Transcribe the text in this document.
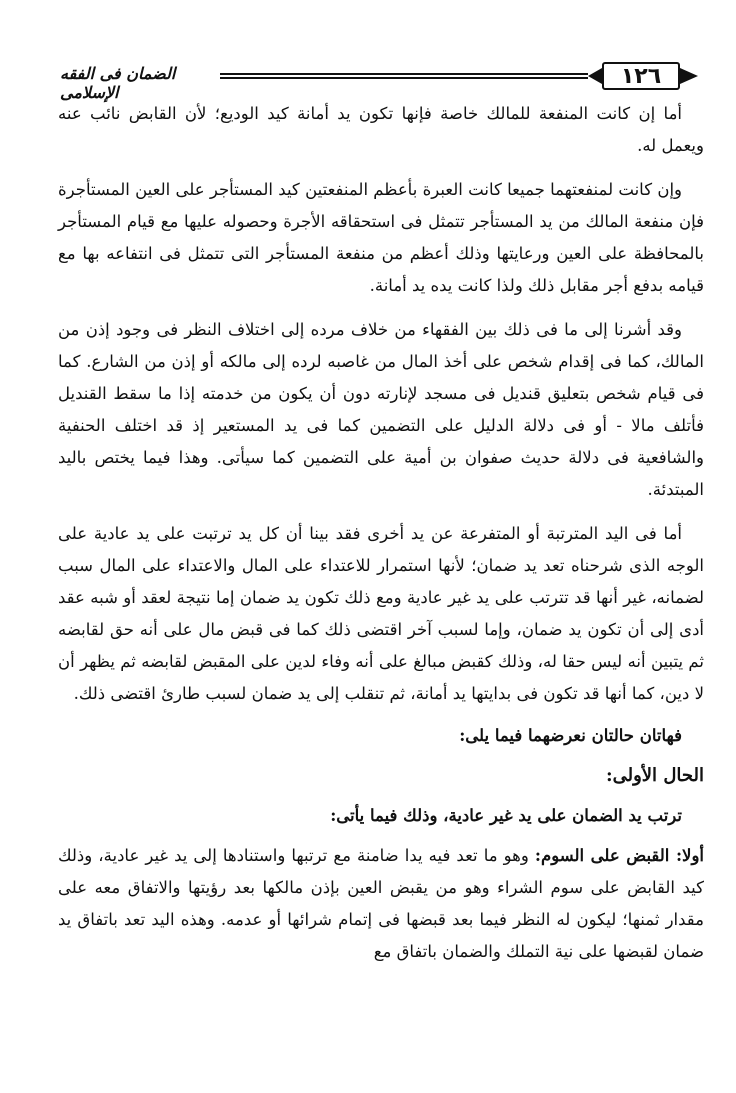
١٢٦
الضمان فى الفقه الإسلامى

أما إن كانت المنفعة للمالك خاصة فإنها تكون يد أمانة كيد الوديع؛ لأن القابض نائب عنه ويعمل له.

وإن كانت لمنفعتهما جميعا كانت العبرة بأعظم المنفعتين كيد المستأجر على العين المستأجرة فإن منفعة المالك من يد المستأجر تتمثل فى استحقاقه الأجرة وحصوله عليها مع قيام المستأجر بالمحافظة على العين ورعايتها وذلك أعظم من منفعة المستأجر التى تتمثل فى انتفاعه بها مع قيامه بدفع أجر مقابل ذلك ولذا كانت يده يد أمانة.

وقد أشرنا إلى ما فى ذلك بين الفقهاء من خلاف مرده إلى اختلاف النظر فى وجود إذن من المالك، كما فى إقدام شخص على أخذ المال من غاصبه لرده إلى مالكه أو إذن من الشارع. كما فى قيام شخص بتعليق قنديل فى مسجد لإنارته دون أن يكون من خدمته إذا ما سقط القنديل فأتلف مالا - أو فى دلالة الدليل على التضمين كما فى يد المستعير إذ قد اختلف الحنفية والشافعية فى دلالة حديث صفوان بن أمية على التضمين كما سيأتى. وهذا فيما يختص باليد المبتدئة.

أما فى اليد المترتبة أو المتفرعة عن يد أخرى فقد بينا أن كل يد ترتبت على يد عادية على الوجه الذى شرحناه تعد يد ضمان؛ لأنها استمرار للاعتداء على المال والاعتداء على المال سبب لضمانه، غير أنها قد تترتب على يد غير عادية ومع ذلك تكون يد ضمان إما نتيجة لعقد أو شبه عقد أدى إلى أن تكون يد ضمان، وإما لسبب آخر اقتضى ذلك كما فى قبض مال على أنه حق لقابضه ثم يتبين أنه ليس حقا له، وذلك كقبض مبالغ على أنه وفاء لدين على المقبض لقابضه ثم يظهر أن لا دين، كما أنها قد تكون فى بدايتها يد أمانة، ثم تنقلب إلى يد ضمان لسبب طارئ اقتضى ذلك.

فهاتان حالتان نعرضهما فيما يلى:
الحال الأولى:
ترتب يد الضمان على يد غير عادية، وذلك فيما يأتى:

أولا: القبض على السوم: وهو ما تعد فيه يدا ضامنة مع ترتبها واستنادها إلى يد غير عادية، وذلك كيد القابض على سوم الشراء وهو من يقبض العين بإذن مالكها بعد رؤيتها والاتفاق معه على مقدار ثمنها؛ ليكون له النظر فيما بعد قبضها فى إتمام شرائها أو عدمه. وهذه اليد تعد باتفاق يد ضمان لقبضها على نية التملك والضمان باتفاق مع
